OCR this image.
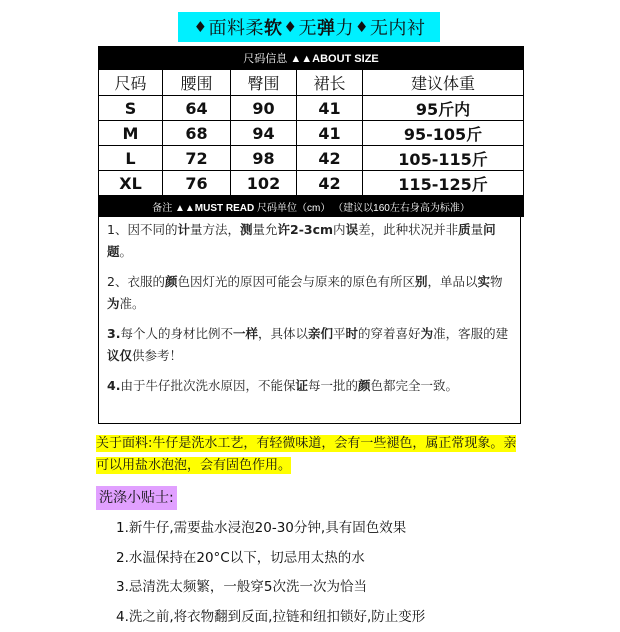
♦ 面料柔 软 ♦ 无 弹 力 ♦ 无内衬
尺码信息 ▲▲ABOUT SIZE				
尺码	腰围	臀围	裙长	建议体重
S	64	90	41	95斤内
M	68	94	41	95-105斤
L	72	98	42	105-115斤
XL	76	102	42	115-125斤
备注 ▲▲MUST READ 尺码单位（cm） （建议以160左右身高为标准）				

1、因不同的计量方法，测量允许2-3cm内误差，此种状况并非质量问题。

2、衣服的颜色因灯光的原因可能会与原来的原色有所区别，单品以实物为准。

3.每个人的身材比例不一样，具体以亲们平时的穿着喜好为准，客服的建议仅供参考！

4.由于牛仔批次洗水原因，不能保证每一批的颜色都完全一致。

关于面料:牛仔是洗水工艺，有轻微味道，会有一些褪色，属正常现象。亲可以用盐水泡泡，会有固色作用。
洗涤小贴士:
1.新牛仔,需要盐水浸泡20-30分钟,具有固色效果
2.水温保持在20°C以下，切忌用太热的水
3.忌清洗太频繁，一般穿5次洗一次为恰当
4.洗之前,将衣物翻到反面,拉链和纽扣锁好,防止变形
